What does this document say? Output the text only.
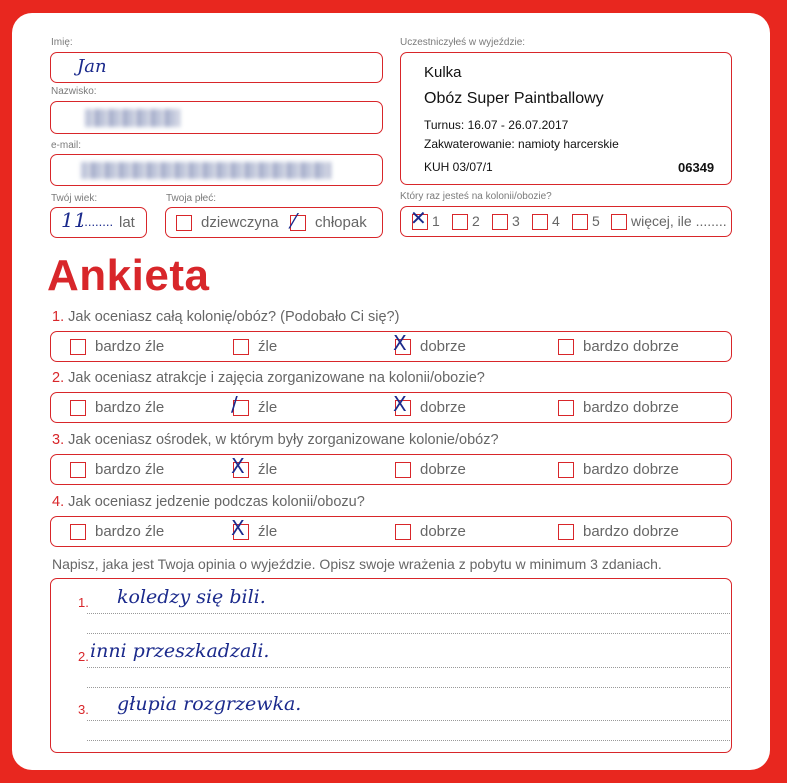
Imię:
Jan
Nazwisko:
e-mail:
Twój wiek:
11
.......... lat
Twoja płeć:
dziewczyna ⁄ chłopak
Uczestniczyłeś w wyjeździe:
Kulka
Obóz Super Paintballowy
Turnus: 16.07 - 26.07.2017
Zakwaterowanie: namioty harcerskie
KUH 03/07/1	06349
Który raz jesteś na kolonii/obozie?
✕ 1	2	3	4	5	więcej, ile ........
Ankieta
1. Jak oceniasz całą kolonię/obóz? (Podobało Ci się?)
bardzo źle	źle	X dobrze	bardzo dobrze
2. Jak oceniasz atrakcje i zajęcia zorganizowane na kolonii/obozie?
bardzo źle	/ źle	X dobrze	bardzo dobrze
3. Jak oceniasz ośrodek, w którym były zorganizowane kolonie/obóz?
bardzo źle	X źle	dobrze	bardzo dobrze
4. Jak oceniasz jedzenie podczas kolonii/obozu?
bardzo źle	X źle	dobrze	bardzo dobrze
Napisz, jaka jest Twoja opinia o wyjeździe. Opisz swoje wrażenia z pobytu w minimum 3 zdaniach.
1. koledzy się bili.
2. inni przeszkadzali.
3. głupia rozgrzewka.
